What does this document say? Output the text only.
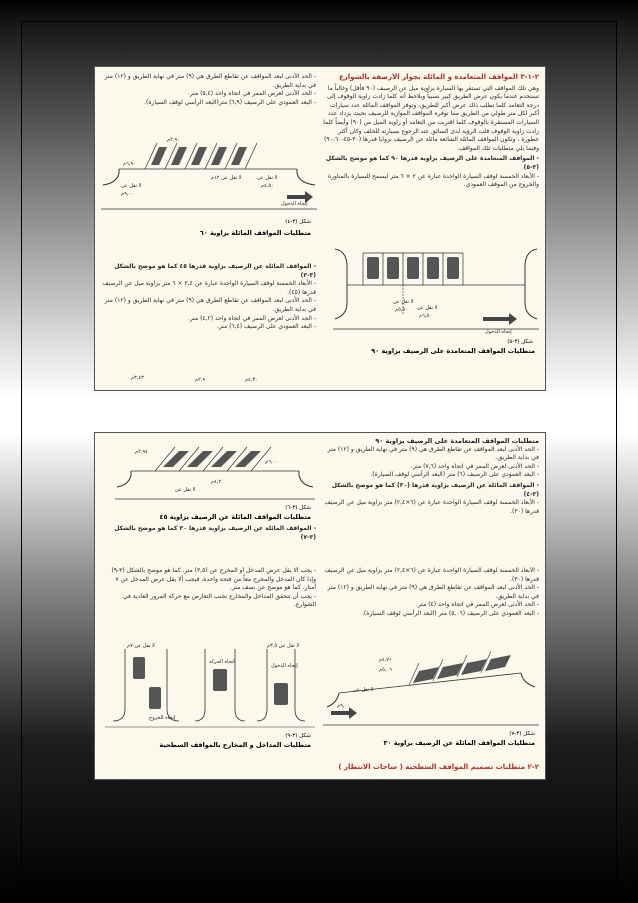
٢-١-٣ المواقف المتعامدة و المائلة بجوار الأرصفة بالشوارع
وهي تلك المواقف التي تستقر بها السيارة بزاوية ميل عن الرصيف (٩٠ فأقل) وغالباً ما تستخدم عندما يكون عرض الطريق كبير نسبياً ويلاحظ أنه كلما زادت زاوية الوقوف إلى درجة التعامد كلما تطلب ذلك عرض أكبر للطريق، وتوفر المواقف المائلة عدد سيارات أكبر لكل متر طولي من الطريق مما توفره المواقف الموازية للرصيف بحيث يزداد عدد السيارات المستقرة بالوقوف كلما اقتربت من التعامد أو زاوية الميل من (٩٠) وأيضاً كلما زادت زاوية الوقوف قلت الرؤية لدى السائق عند الرجوع بسيارته للخلف وكان أكثر خطورة ، وتكون المواقف المائلة الشائعة مائلة عن الرصيف بزوايا قدرها (٣٠-٤٥-٦٠-٩٠) وفيما يلي متطلبات تلك المواقف.
- المواقف المتعامدة على الرصيف بزاوية قدرها ٩٠ كما هو موضح بالشكل (٣-٥)
- الأبعاد الخمسة لوقف السيارة الواحدة عبارة عن ٢ × ٦ متر ليسمح للسيارة بالمناورة والخروج من الموقف العمودي.
لا تقل عن
لا تقل عن
٥,٥٠م
٦,٥٠م
إتجاه الدخول
شكل (٣-٥)
متطلبات المواقف المتعامدة على الرصيف بزاوية ٩٠
- الحد الأدنى لبعد المواقف عن تقاطع الطرق هي (٩) متر في نهاية الطريق و (١٢) متر في بداية الطريق.
- الحد الأدنى لعرض الممر في اتجاه واحد (٥,٤) متر.
- البعد العمودي على الرصيف (٦,٩) متر(البعد الرأسي لوقف السيارة).
٢,٩٠م
٦,٩٠م
لا تقل عن
٤,٥٠م
إتجاه الدخول
لا تقل عن ١٢م
٩,٠٠م
لا تقل عن
شكل (٣-٤)
متطلبات المواقف المائلة بزاوية ٦٠
- المواقف المائلة عن الرصيف بزاوية قدرها ٤٥ كما هو موضح بالشكل (٣-٣)
- الأبعاد الخمسة لوقف السيارة الواحدة عبارة عن ٢,٤ × ٦ متر بزاوية ميل عن الرصيف قدرها (٤٥).
- الحد الأدنى لبعد المواقف عن تقاطع الطرق هي (٩) متر في نهاية الطريق و (١٢) متر في بداية الطريق.
- الحد الأدنى لعرض الممر في اتجاه واحد (٤,٢) متر.
- البعد العمودي على الرصيف (٦,٤) متر.
٣,٤٣م	٢,٩م	٤,٣٠م
...............
متطلبات المواقف المتعامدة على الرصيف بزاوية ٩٠
- الحد الأدنى لبعد المواقف عن تقاطع الطرق هي (٩) متر في نهاية الطريق و (١٢) متر في بداية الطريق.
- الحد الأدنى لعرض الممر في اتجاه واحد (٧,٦) متر.
- البعد العمودي على الرصيف (٦) متر (البعد الرأسي لوقف السيارة).
- المواقف المائلة عن الرصيف بزاوية قدرها (٣٠) كما هو موضح بالشكل (٣-٤)
- الأبعاد الخمسة لوقف السيارة الواحدة عبارة عن (٦×٢,٤) متر بزاوية ميل عن الرصيف قدرها (٣٠).
٢,٩٤م
٤,٢م
٦,٠٠م
لا تقل عن
شكل (٣-٦)
متطلبات المواقف المائلة عن الرصيف بزاوية ٤٥
- المواقف المائلة عن الرصيف بزاوية قدرها ٣٠ كما هو موضح بالشكل (٣-٧)
- الأبعاد الخمسة لوقف السيارة الواحدة عبارة عن (٦×٢,٤) متر بزاوية ميل عن الرصيف قدرها (٣٠).
- الحد الأدنى لبعد المواقف عن تقاطع الطرق هي (٩) متر في نهاية الطريق و (١٢) متر في بداية الطريق.
- الحد الأدنى لعرض الممر في اتجاه واحد (٤) متر.
- البعد العمودي على الرصيف (٥,٠٦) متر (البعد الرأسي لوقف السيارة).
٤,٧١م
٥,٠٦م
لا تقل عن
٩,٠٠م
شكل (٣-٧)
متطلبات المواقف المائلة عن الرصيف بزاوية ٣٠
- يجب ألا يقل عرض المدخل أو المخرج عن (٣,٥) متر. كما هو موضح بالشكل (٣-٩) وإذا كان المدخل والمخرج معاً من فتحة واحدة، فيجب ألا يقل عرض المدخل عن ٧ أمتار. كما هو موضح عن نصف متر.
- يجب أن تتحقق المداخل والمخارج تجنب التعارض مع حركة المرور العادية في الشوارع.
لا تقل عن ٧م	لا تقل عن ٣,٥م
اتجاه الحركة
إتجاه الدخول
إتجاه الخروج
شكل (٣-٩)
متطلبات المداخل و المخارج بالمواقف السطحية
٢-٢ متطلبات تصميم المواقف السطحية ( ساحات الانتظار )
